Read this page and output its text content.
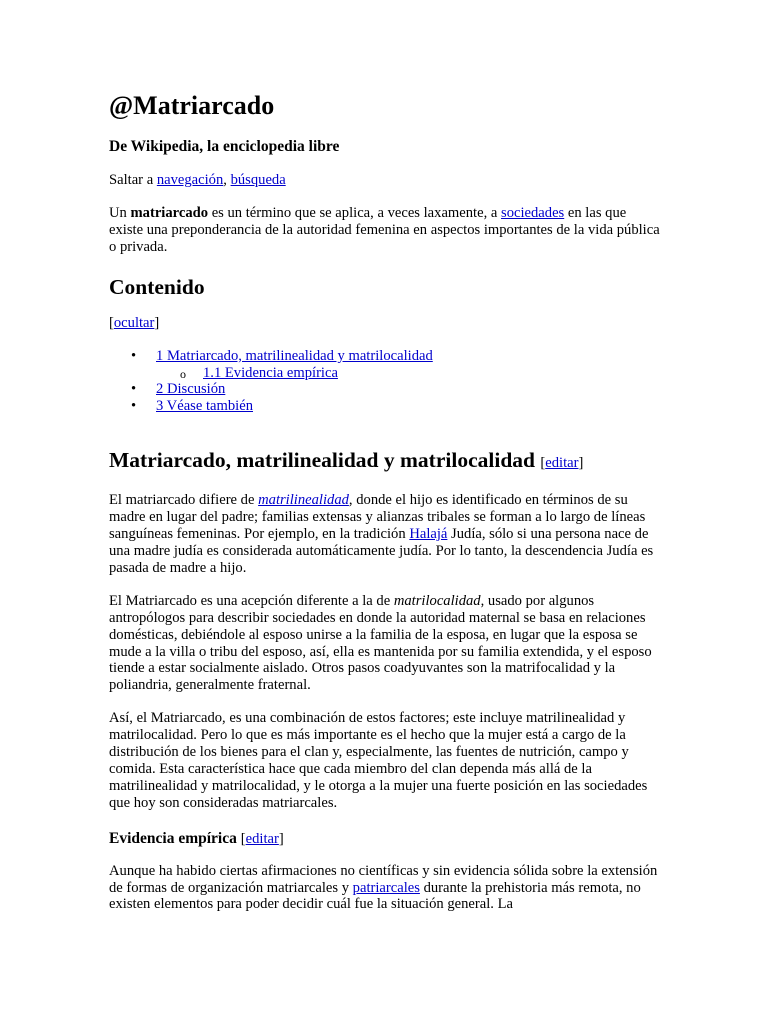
@Matriarcado
De Wikipedia, la enciclopedia libre

Saltar a navegación, búsqueda

Un matriarcado es un término que se aplica, a veces laxamente, a sociedades en las que existe una preponderancia de la autoridad femenina en aspectos importantes de la vida pública o privada.

Contenido
[ocultar]
• 1 Matriarcado, matrilinealidad y matrilocalidad
o 1.1 Evidencia empírica
• 2 Discusión
• 3 Véase también
Matriarcado, matrilinealidad y matrilocalidad [editar]

El matriarcado difiere de matrilinealidad, donde el hijo es identificado en términos de su madre en lugar del padre; familias extensas y alianzas tribales se forman a lo largo de líneas sanguíneas femeninas. Por ejemplo, en la tradición Halajá Judía, sólo si una persona nace de una madre judía es considerada automáticamente judía. Por lo tanto, la descendencia Judía es pasada de madre a hijo.

El Matriarcado es una acepción diferente a la de matrilocalidad, usado por algunos antropólogos para describir sociedades en donde la autoridad maternal se basa en relaciones domésticas, debiéndole al esposo unirse a la familia de la esposa, en lugar que la esposa se mude a la villa o tribu del esposo, así, ella es mantenida por su familia extendida, y el esposo tiende a estar socialmente aislado. Otros pasos coadyuvantes son la matrifocalidad y la poliandria, generalmente fraternal.

Así, el Matriarcado, es una combinación de estos factores; este incluye matrilinealidad y matrilocalidad. Pero lo que es más importante es el hecho que la mujer está a cargo de la distribución de los bienes para el clan y, especialmente, las fuentes de nutrición, campo y comida. Esta característica hace que cada miembro del clan dependa más allá de la matrilinealidad y matrilocalidad, y le otorga a la mujer una fuerte posición en las sociedades que hoy son consideradas matriarcales.

Evidencia empírica [editar]

Aunque ha habido ciertas afirmaciones no científicas y sin evidencia sólida sobre la extensión de formas de organización matriarcales y patriarcales durante la prehistoria más remota, no existen elementos para poder decidir cuál fue la situación general. La
